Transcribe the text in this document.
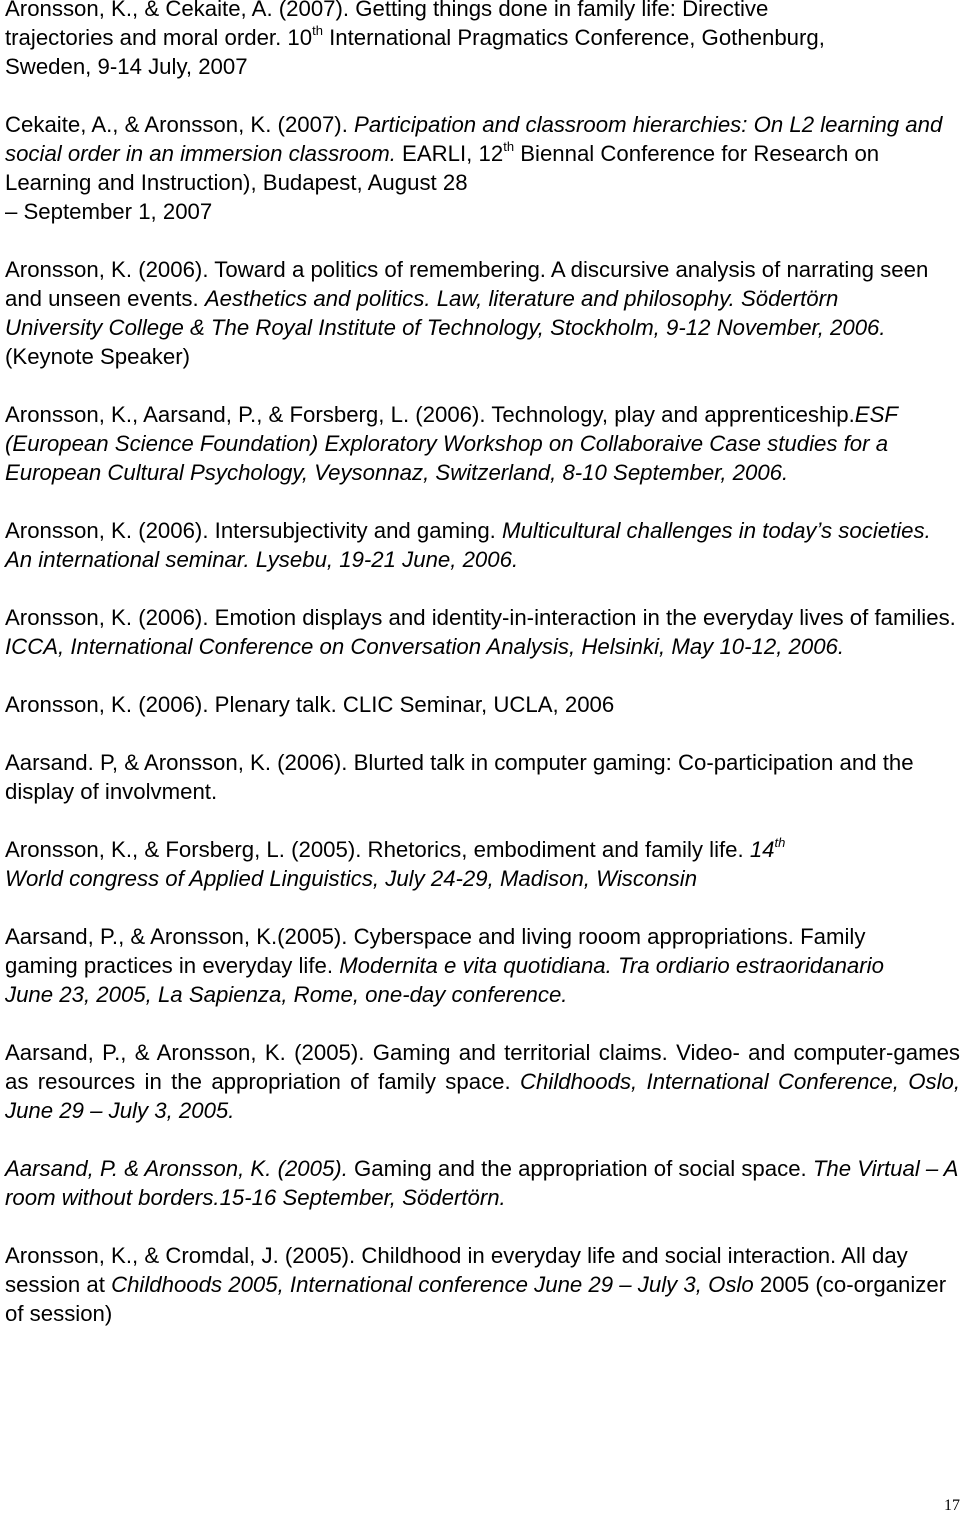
Aronsson, K., & Cekaite, A. (2007). Getting things done in family life: Directive
trajectories and moral order. 10th International Pragmatics Conference, Gothenburg,
Sweden, 9-14 July, 2007

Cekaite, A., & Aronsson, K. (2007). Participation and classroom hierarchies: On L2 learning and social order in an immersion classroom. EARLI, 12th Biennal Conference for Research on Learning and Instruction), Budapest, August 28
– September 1, 2007

Aronsson, K. (2006). Toward a politics of remembering. A discursive analysis of narrating seen and unseen events. Aesthetics and politics. Law, literature and philosophy. Södertörn University College & The Royal Institute of Technology, Stockholm, 9-12 November, 2006. (Keynote Speaker)

Aronsson, K., Aarsand, P., & Forsberg, L. (2006). Technology, play and apprenticeship.ESF (European Science Foundation) Exploratory Workshop on Collaboraive Case studies for a European Cultural Psychology, Veysonnaz, Switzerland, 8-10 September, 2006.

Aronsson, K. (2006). Intersubjectivity and gaming. Multicultural challenges in today’s societies. An international seminar. Lysebu, 19-21 June, 2006.

Aronsson, K. (2006). Emotion displays and identity-in-interaction in the everyday lives of families. ICCA, International Conference on Conversation Analysis, Helsinki, May 10-12, 2006.

Aronsson, K. (2006). Plenary talk. CLIC Seminar, UCLA, 2006

Aarsand. P, & Aronsson, K. (2006). Blurted talk in computer gaming: Co-participation and the display of involvment.

Aronsson, K., & Forsberg, L. (2005). Rhetorics, embodiment and family life. 14th
World congress of Applied Linguistics, July 24-29, Madison, Wisconsin

Aarsand, P., & Aronsson, K.(2005). Cyberspace and living rooom appropriations. Family gaming practices in everyday life. Modernita e vita quotidiana. Tra ordiario estraoridanario June 23, 2005, La Sapienza, Rome, one-day conference.

Aarsand, P., & Aronsson, K. (2005). Gaming and territorial claims. Video- and computer-games as resources in the appropriation of family space. Childhoods, International Conference, Oslo, June 29 – July 3, 2005.

Aarsand, P. & Aronsson, K. (2005). Gaming and the appropriation of social space. The Virtual – A room without borders.15-16 September, Södertörn.

Aronsson, K., & Cromdal, J. (2005). Childhood in everyday life and social interaction. All day session at Childhoods 2005, International conference June 29 – July 3, Oslo 2005 (co-organizer of session)

17
